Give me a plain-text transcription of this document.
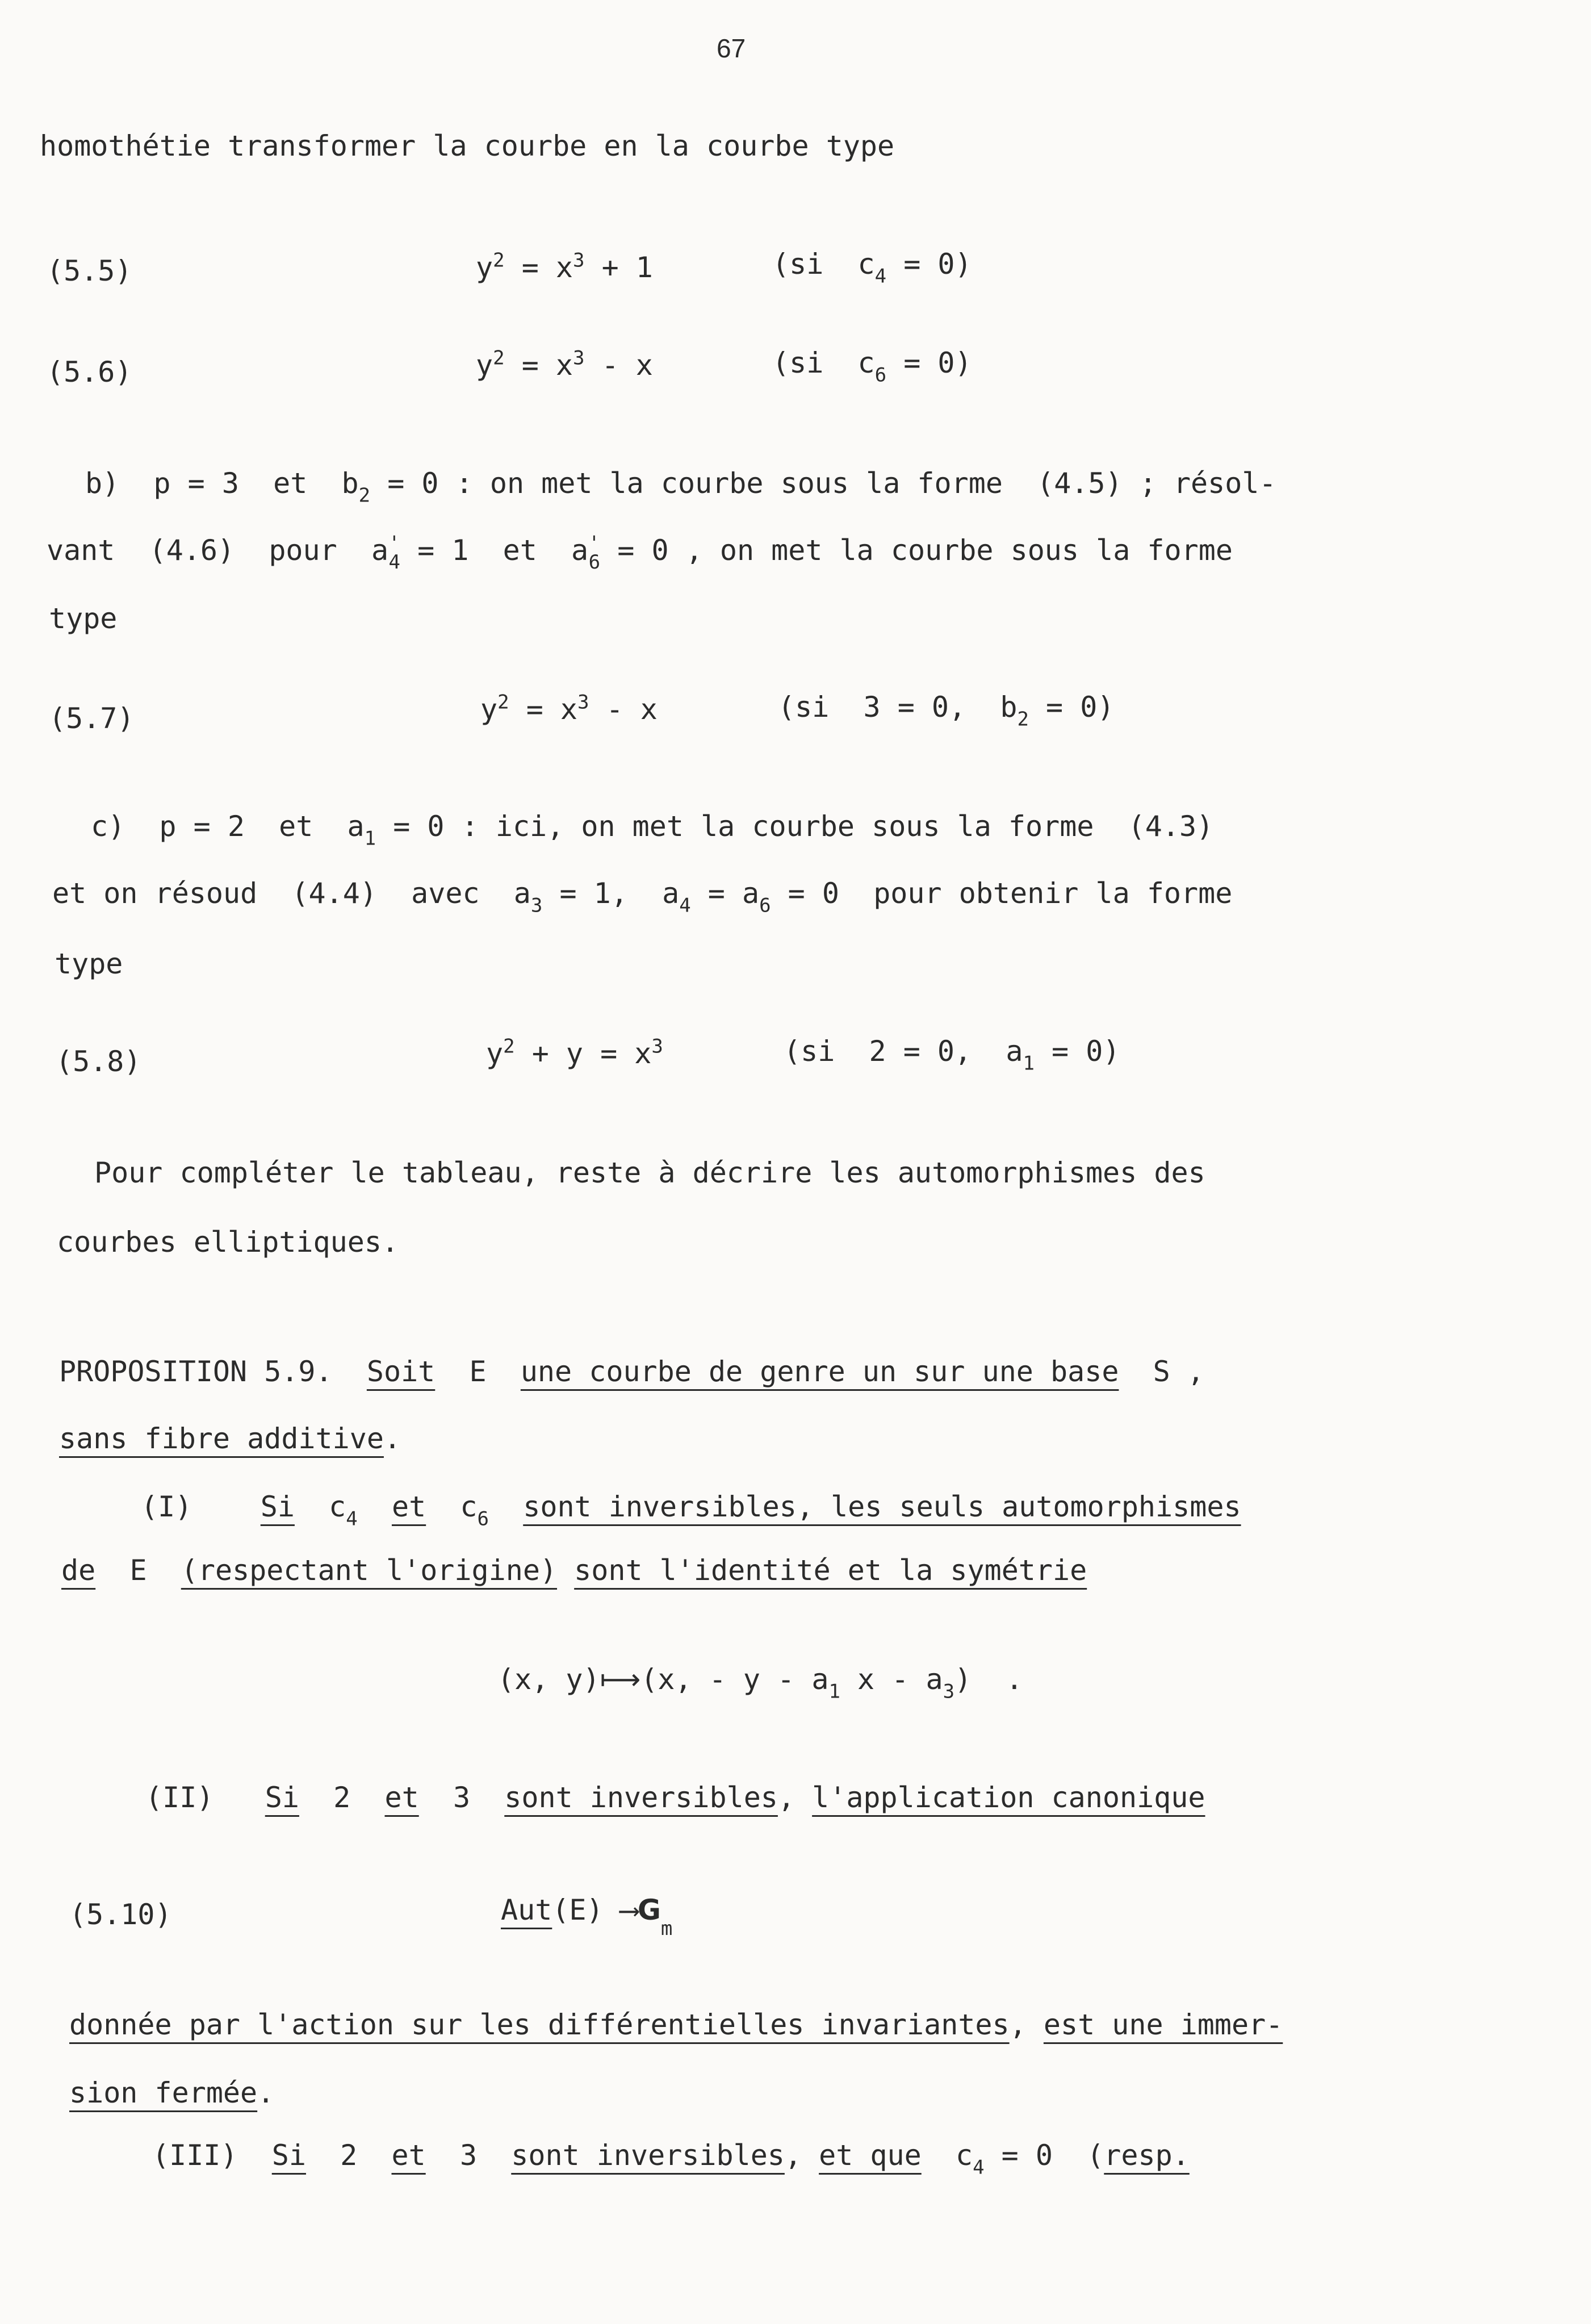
67
homothétie transformer la courbe en la courbe type
(5.5)	$y^2 = x^3 + 1$	(si  $c_4 = 0$)
(5.6)	$y^2 = x^3 - x$	(si  $c_6 = 0$)
b)  p = 3  et  $b_2 = 0$ : on met la courbe sous la forme  (4.5) ; résol-
vant  (4.6)  pour  $a'_4 = 1$  et  $a'_6 = 0$ , on met la courbe sous la forme
type
(5.7)	$y^2 = x^3 - x$	(si  3 = 0,  $b_2 = 0$)
c)  p = 2  et  $a_1 = 0$ : ici, on met la courbe sous la forme  (4.3)
et on résoud  (4.4)  avec  $a_3 = 1$,  $a_4 = a_6 = 0$  pour obtenir la forme
type
(5.8)	$y^2 + y = x^3$	(si  2 = 0,  $a_1 = 0$)
Pour compléter le tableau, reste à décrire les automorphismes des
courbes elliptiques.
PROPOSITION 5.9. Soit E une courbe de genre un sur une base S ,
sans fibre additive.
(I) Si $c_4$ et $c_6$ sont inversibles, les seuls automorphismes
de E (respectant l'origine) sont l'identité et la symétrie
(x, y)⟼(x, - y - $a_1$ x - $a_3$)  .
(II) Si 2 et 3 sont inversibles, l'application canonique
(5.10)	Aut(E) $⟶G_m$
donnée par l'action sur les différentielles invariantes, est une immer-
sion fermée.
(III) Si 2 et 3 sont inversibles, et que $c_4 = 0$  (resp.
